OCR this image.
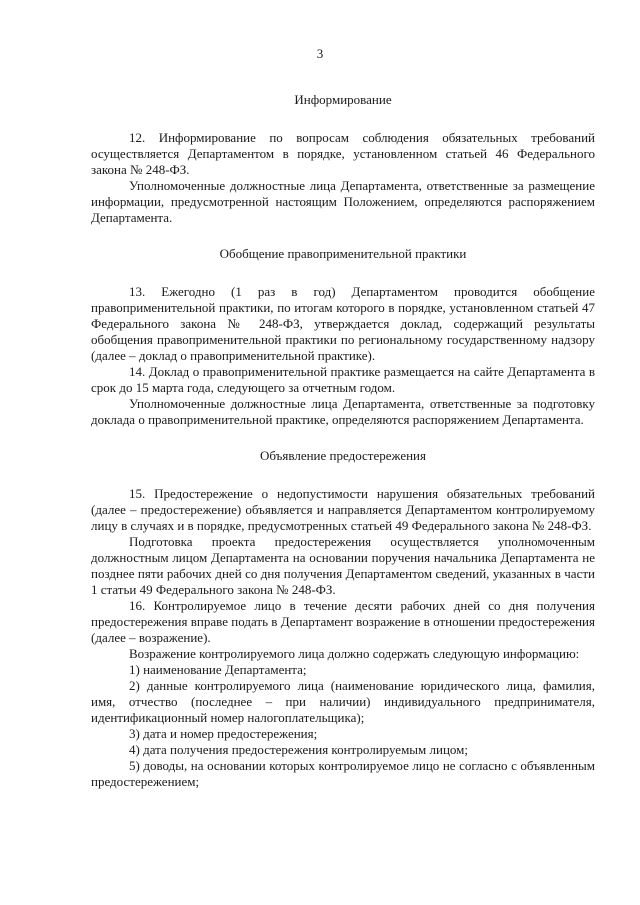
3

Информирование

12. Информирование по вопросам соблюдения обязательных требований осуществляется Департаментом в порядке, установленном статьей 46 Федерального закона № 248-ФЗ.

Уполномоченные должностные лица Департамента, ответственные за размещение информации, предусмотренной настоящим Положением, определяются распоряжением Департамента.

Обобщение правоприменительной практики

13. Ежегодно (1 раз в год) Департаментом проводится обобщение правоприменительной практики, по итогам которого в порядке, установленном статьей 47 Федерального закона № 248-ФЗ, утверждается доклад, содержащий результаты обобщения правоприменительной практики по региональному государственному надзору (далее – доклад о правоприменительной практике).

14. Доклад о правоприменительной практике размещается на сайте Департамента в срок до 15 марта года, следующего за отчетным годом.

Уполномоченные должностные лица Департамента, ответственные за подготовку доклада о правоприменительной практике, определяются распоряжением Департамента.

Объявление предостережения

15. Предостережение о недопустимости нарушения обязательных требований (далее – предостережение) объявляется и направляется Департаментом контролируемому лицу в случаях и в порядке, предусмотренных статьей 49 Федерального закона № 248-ФЗ.

Подготовка проекта предостережения осуществляется уполномоченным должностным лицом Департамента на основании поручения начальника Департамента не позднее пяти рабочих дней со дня получения Департаментом сведений, указанных в части 1 статьи 49 Федерального закона № 248-ФЗ.

16. Контролируемое лицо в течение десяти рабочих дней со дня получения предостережения вправе подать в Департамент возражение в отношении предостережения (далее – возражение).

Возражение контролируемого лица должно содержать следующую информацию:

1) наименование Департамента;

2) данные контролируемого лица (наименование юридического лица, фамилия, имя, отчество (последнее – при наличии) индивидуального предпринимателя, идентификационный номер налогоплательщика);

3) дата и номер предостережения;

4) дата получения предостережения контролируемым лицом;

5) доводы, на основании которых контролируемое лицо не согласно с объявленным предостережением;
